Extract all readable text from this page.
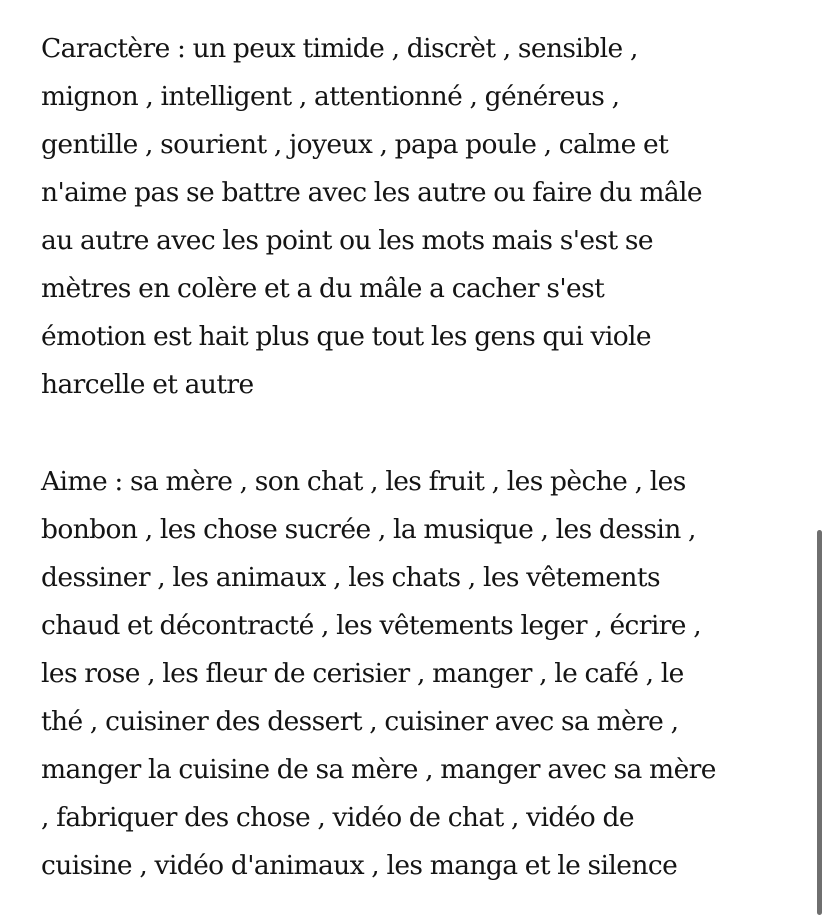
Caractère : un peux timide , discrèt , sensible ,
mignon , intelligent , attentionné , généreus ,
gentille , sourient , joyeux , papa poule , calme et
n'aime pas se battre avec les autre ou faire du mâle
au autre avec les point ou les mots mais s'est se
mètres en colère et a du mâle a cacher s'est
émotion est hait plus que tout les gens qui viole
harcelle et autre
Aime : sa mère , son chat , les fruit , les pèche , les
bonbon , les chose sucrée , la musique , les dessin ,
dessiner , les animaux , les chats , les vêtements
chaud et décontracté , les vêtements leger , écrire ,
les rose , les fleur de cerisier , manger , le café , le
thé , cuisiner des dessert , cuisiner avec sa mère ,
manger la cuisine de sa mère , manger avec sa mère
, fabriquer des chose , vidéo de chat , vidéo de
cuisine , vidéo d'animaux , les manga et le silence
